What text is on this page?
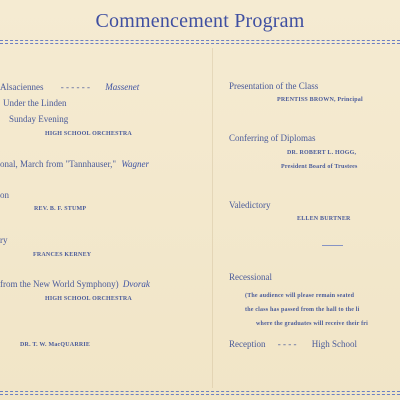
Commencement Program
Alsaciennes - - - - - - Massenet
Under the Linden
Sunday Evening
HIGH SCHOOL ORCHESTRA
onal, March from "Tannhauser," Wagner
on
REV. B. F. STUMP
ry
FRANCES KERNEY
from the New World Symphony) Dvorak
HIGH SCHOOL ORCHESTRA
DR. T. W. MacQUARRIE
Presentation of the Class
PRENTISS BROWN, Principal
Conferring of Diplomas
DR. ROBERT L. HOGG,
President Board of Trustees
Valedictory
ELLEN BURTNER
Recessional
(The audience will please remain seated
the class has passed from the hall to the li
where the graduates will receive their fri
Reception - - - - High School
